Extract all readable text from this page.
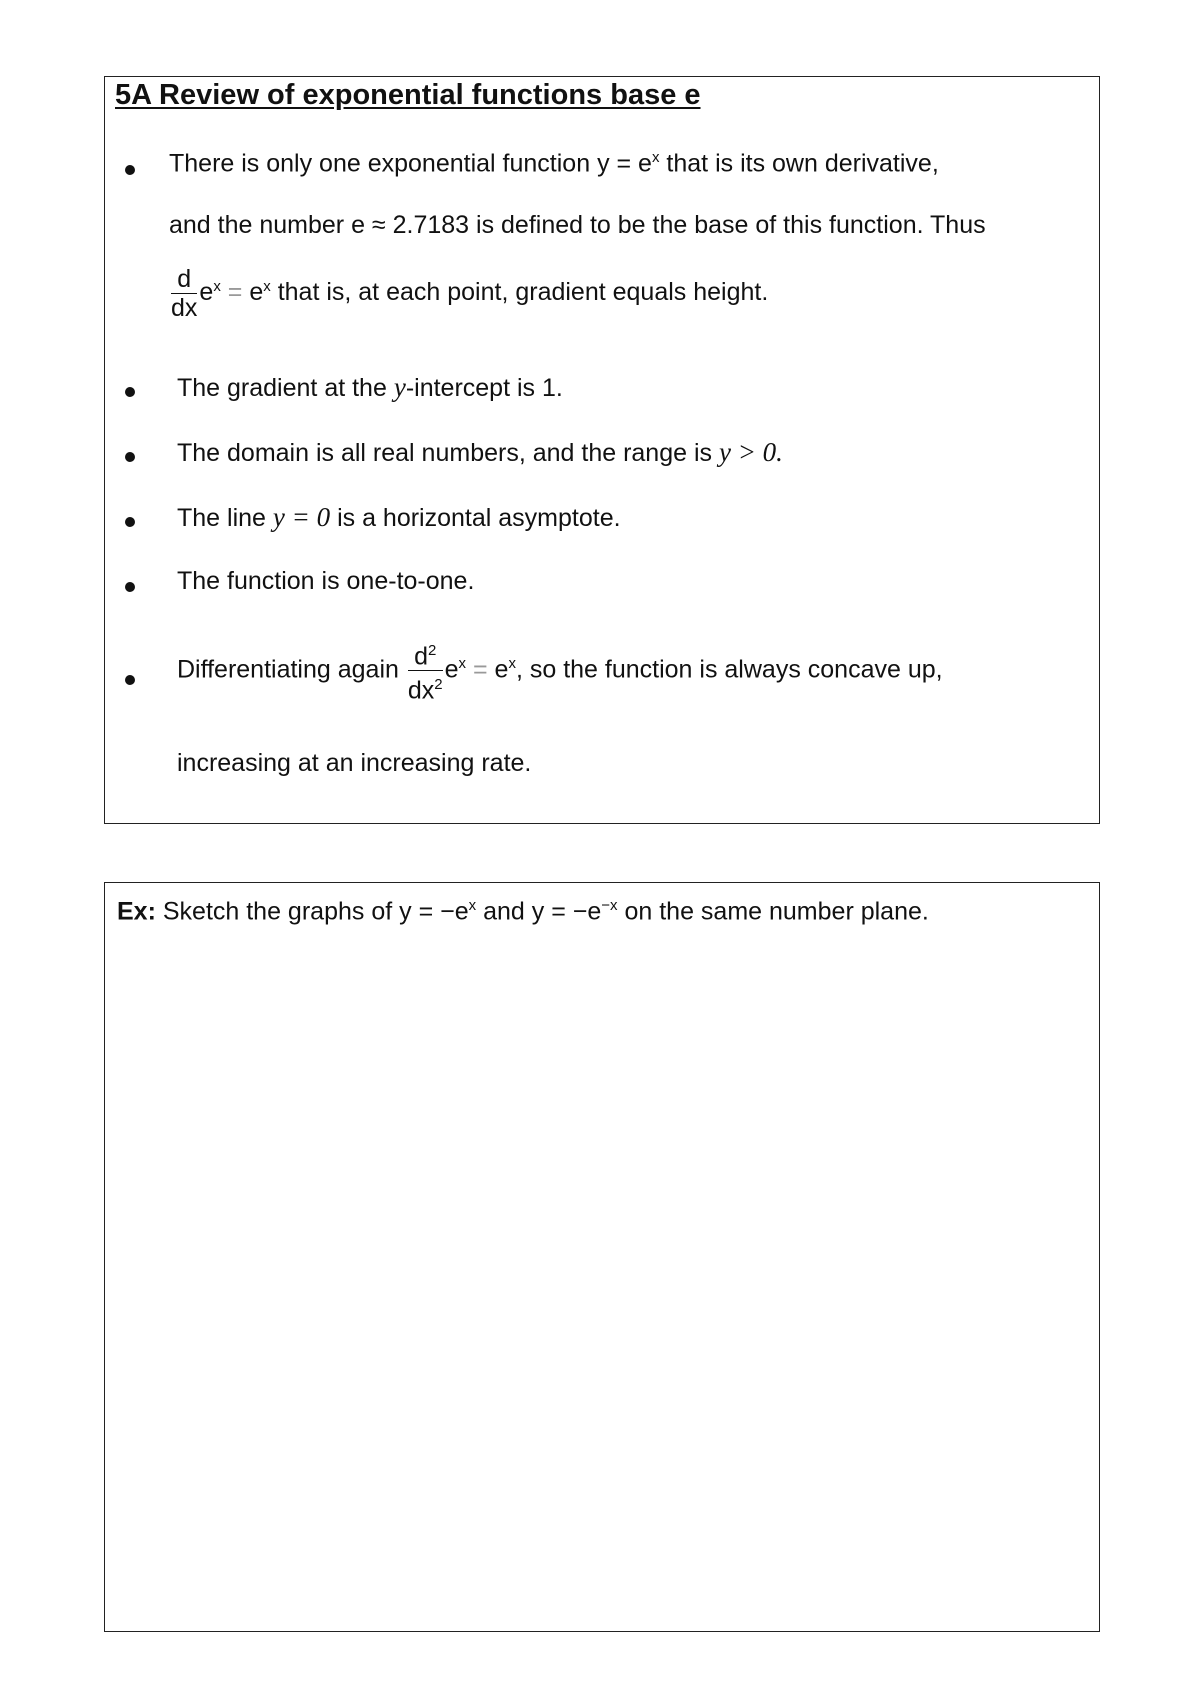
5A Review of exponential functions base e
There is only one exponential function $y = e^x$ that is its own derivative,
and the number e ≈ 2.7183 is defined to be the base of this function. Thus
$\frac{d}{dx} e^x = e^x$ that is, at each point, gradient equals height.
The gradient at the y-intercept is 1.
The domain is all real numbers, and the range is y > 0.
The line y = 0 is a horizontal asymptote.
The function is one-to-one.
Differentiating again $\frac{d^2}{dx^2} e^x = e^x$, so the function is always concave up,
increasing at an increasing rate.
Ex: Sketch the graphs of $y = -e^x$ and $y = -e^{-x}$ on the same number plane.
